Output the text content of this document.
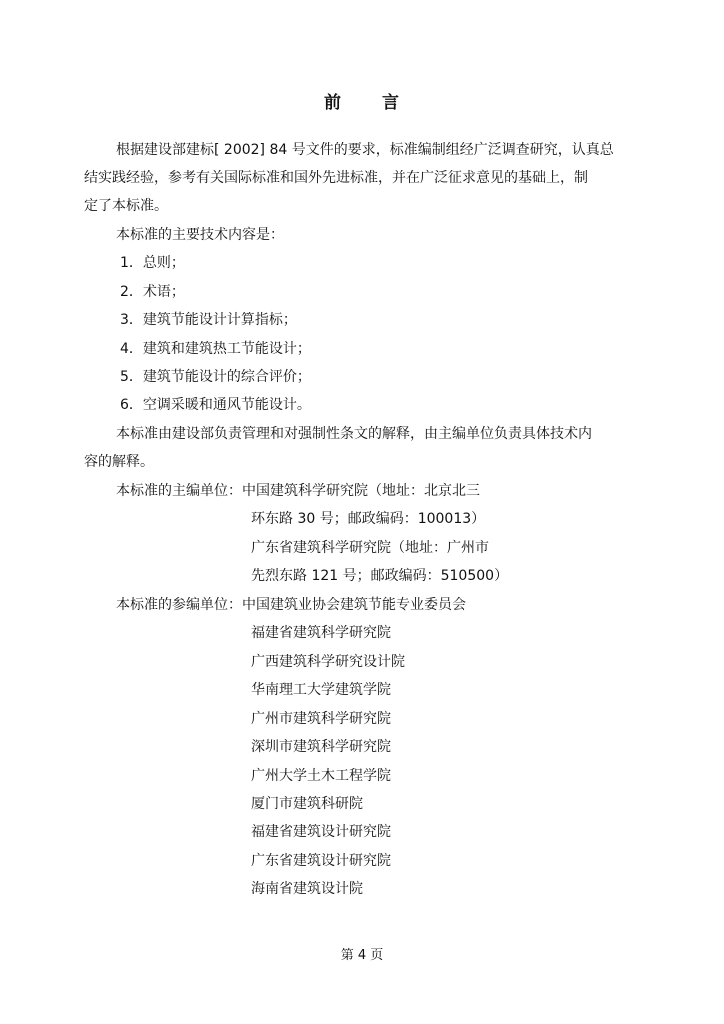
前 言
根据建设部建标[ 2002] 84 号文件的要求，标准编制组经广泛调查研究，认真总
结实践经验，参考有关国际标准和国外先进标准，并在广泛征求意见的基础上，制
定了本标准。
本标准的主要技术内容是：
1．总则；
2．术语；
3．建筑节能设计计算指标；
4．建筑和建筑热工节能设计；
5．建筑节能设计的综合评价；
6．空调采暖和通风节能设计。
本标准由建设部负责管理和对强制性条文的解释，由主编单位负责具体技术内
容的解释。
本标准的主编单位：中国建筑科学研究院（地址：北京北三
环东路 30 号；邮政编码：100013）
广东省建筑科学研究院（地址：广州市
先烈东路 121 号；邮政编码：510500）
本标准的参编单位：中国建筑业协会建筑节能专业委员会
福建省建筑科学研究院
广西建筑科学研究设计院
华南理工大学建筑学院
广州市建筑科学研究院
深圳市建筑科学研究院
广州大学土木工程学院
厦门市建筑科研院
福建省建筑设计研究院
广东省建筑设计研究院
海南省建筑设计院
第 4 页
